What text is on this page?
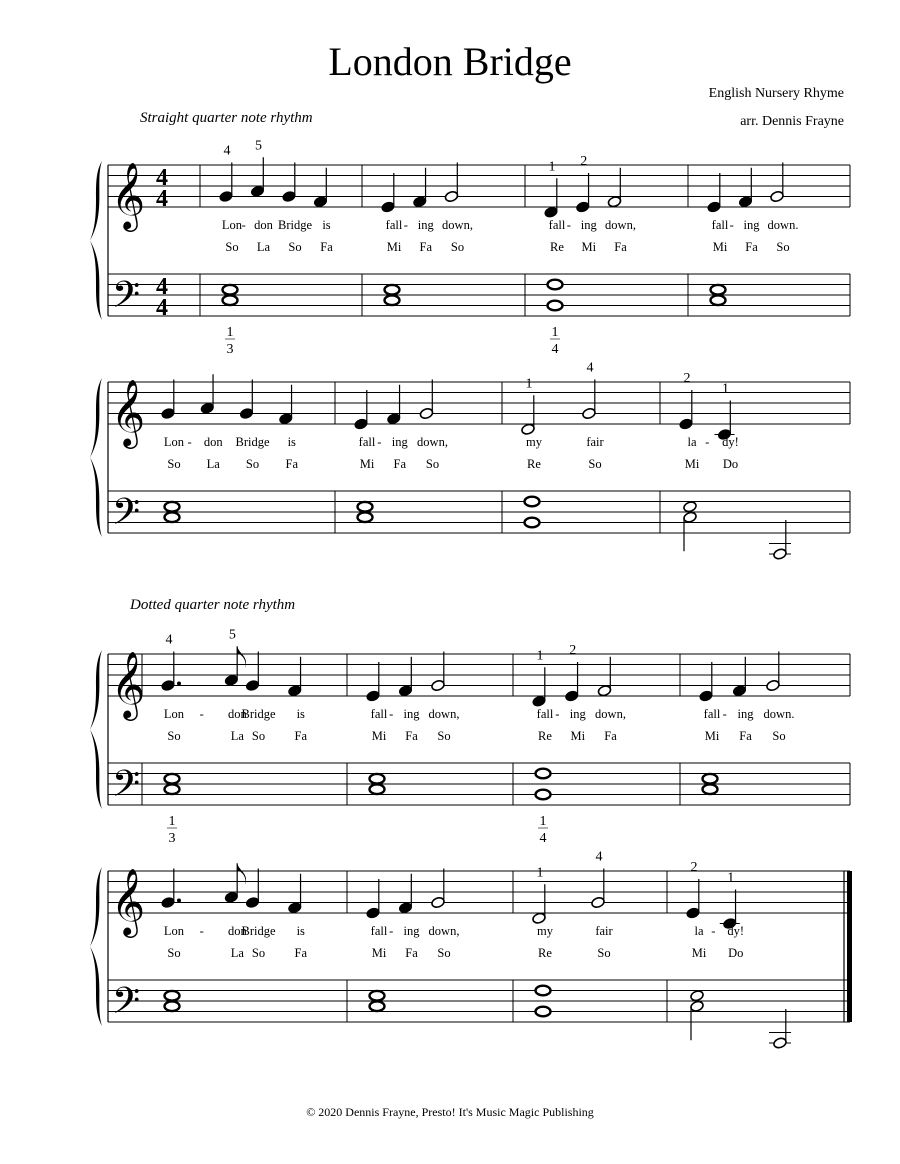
London Bridge
English Nursery Rhyme
arr. Dennis Frayne
Straight quarter note rhythm
Dotted quarter note rhythm
© 2020 Dennis Frayne, Presto! It's Music Magic Publishing
𝄞
𝄢
4
4
4
4
4 5
Lon - don Bridge is
So La So Fa
1
3
fall - ing down,
Mi Fa So
1 2
fall - ing down,
Re Mi Fa
1
4
fall - ing down.
Mi Fa So
𝄞
𝄢
Lon - don Bridge is
So La So Fa
fall - ing down,
Mi Fa So
1
4
my	fair
Re	So
2
1
la - dy!
Mi Do
𝄞
𝄢
4	5
Lon - don
Bridge is
So	La So Fa
1
3
fall - ing down,
Mi Fa So
1 2
fall - ing down,
Re Mi Fa
1
4
fall - ing down.
Mi Fa So
𝄞
𝄢
Lon - don
Bridge is
So	La So Fa
fall - ing down,
Mi Fa So
1
4
my	fair
Re	So
2
1
la - dy!
Mi Do
